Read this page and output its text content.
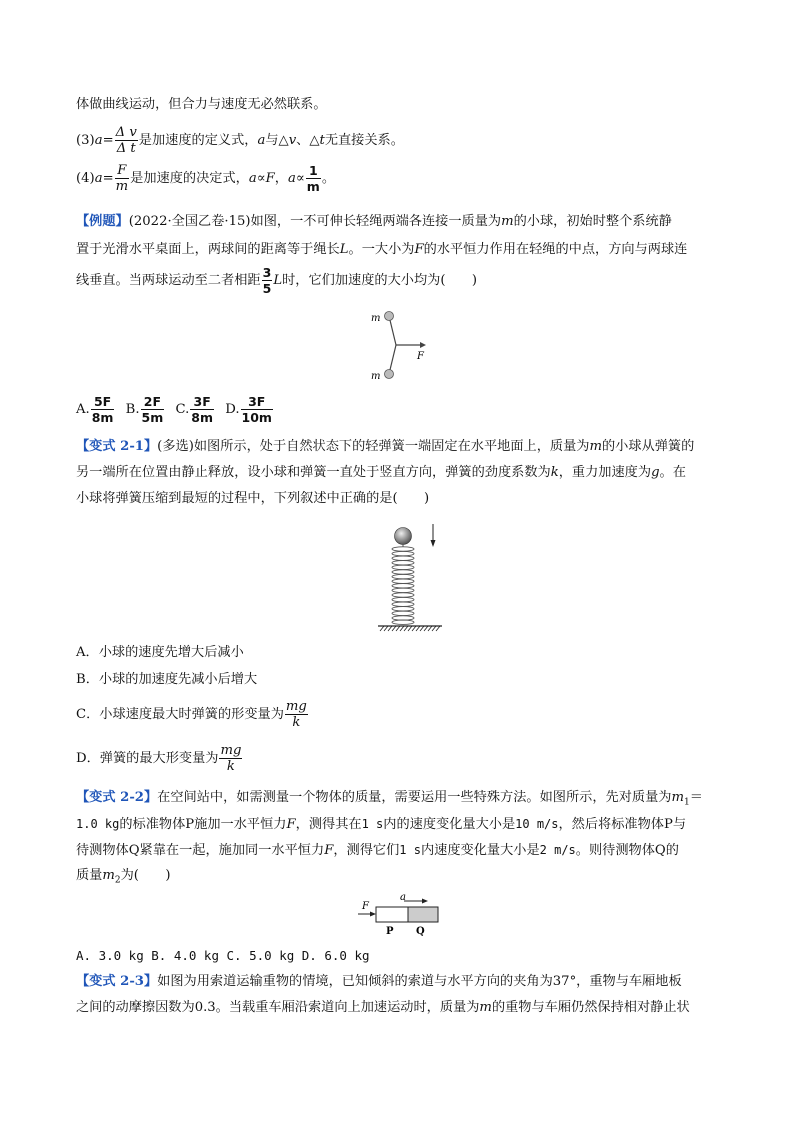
体做曲线运动，但合力与速度无必然联系。
$(3)a= \frac{\text{Δ v}}{\text{Δ t}}$ 是加速度的定义式，a与△v、△t无直接关系。
$(4)a= \frac{F}{m}$ 是加速度的决定式，a∝F，$a\propto \frac{1}{m}$ 。
【例题】(2022·全国乙卷·15)如图，一不可伸长轻绳两端各连接一质量为m的小球，初始时整个系统静
置于光滑水平桌面上，两球间的距离等于绳长L。一大小为F的水平恒力作用在轻绳的中点，方向与两球连
线垂直。当两球运动至二者相距 $\frac{3}{5}$ L时，它们加速度的大小均为(　　)
m
m
F
A. $\frac{5F}{8m} B$. $\frac{2F}{5m} C$. $\frac{3F}{8m} D$. $\frac{3F}{10m}$
【变式 2-1】(多选)如图所示，处于自然状态下的轻弹簧一端固定在水平地面上，质量为m的小球从弹簧的
另一端所在位置由静止释放，设小球和弹簧一直处于竖直方向，弹簧的劲度系数为k，重力加速度为g。在
小球将弹簧压缩到最短的过程中，下列叙述中正确的是(　　)
A．小球的速度先增大后减小
B．小球的加速度先减小后增大
C．小球速度最大时弹簧的形变量为 $\frac{mg}{k}$
D．弹簧的最大形变量为 $\frac{mg}{k}$
【变式 2-2】在空间站中，如需测量一个物体的质量，需要运用一些特殊方法。如图所示，先对质量为$m_1=$
1.0 kg的标准物体P施加一水平恒力F，测得其在1 s内的速度变化量大小是10 m/s，然后将标准物体P与
待测物体Q紧靠在一起，施加同一水平恒力F，测得它们1 s内速度变化量大小是2 m/s。则待测物体Q的
质量$m_2$为(　　)
a
F
P Q
A. 3.0 kg B. 4.0 kg C. 5.0 kg D. 6.0 kg
【变式 2-3】如图为用索道运输重物的情境，已知倾斜的索道与水平方向的夹角为37°，重物与车厢地板
之间的动摩擦因数为0.3。当载重车厢沿索道向上加速运动时，质量为m的重物与车厢仍然保持相对静止状
